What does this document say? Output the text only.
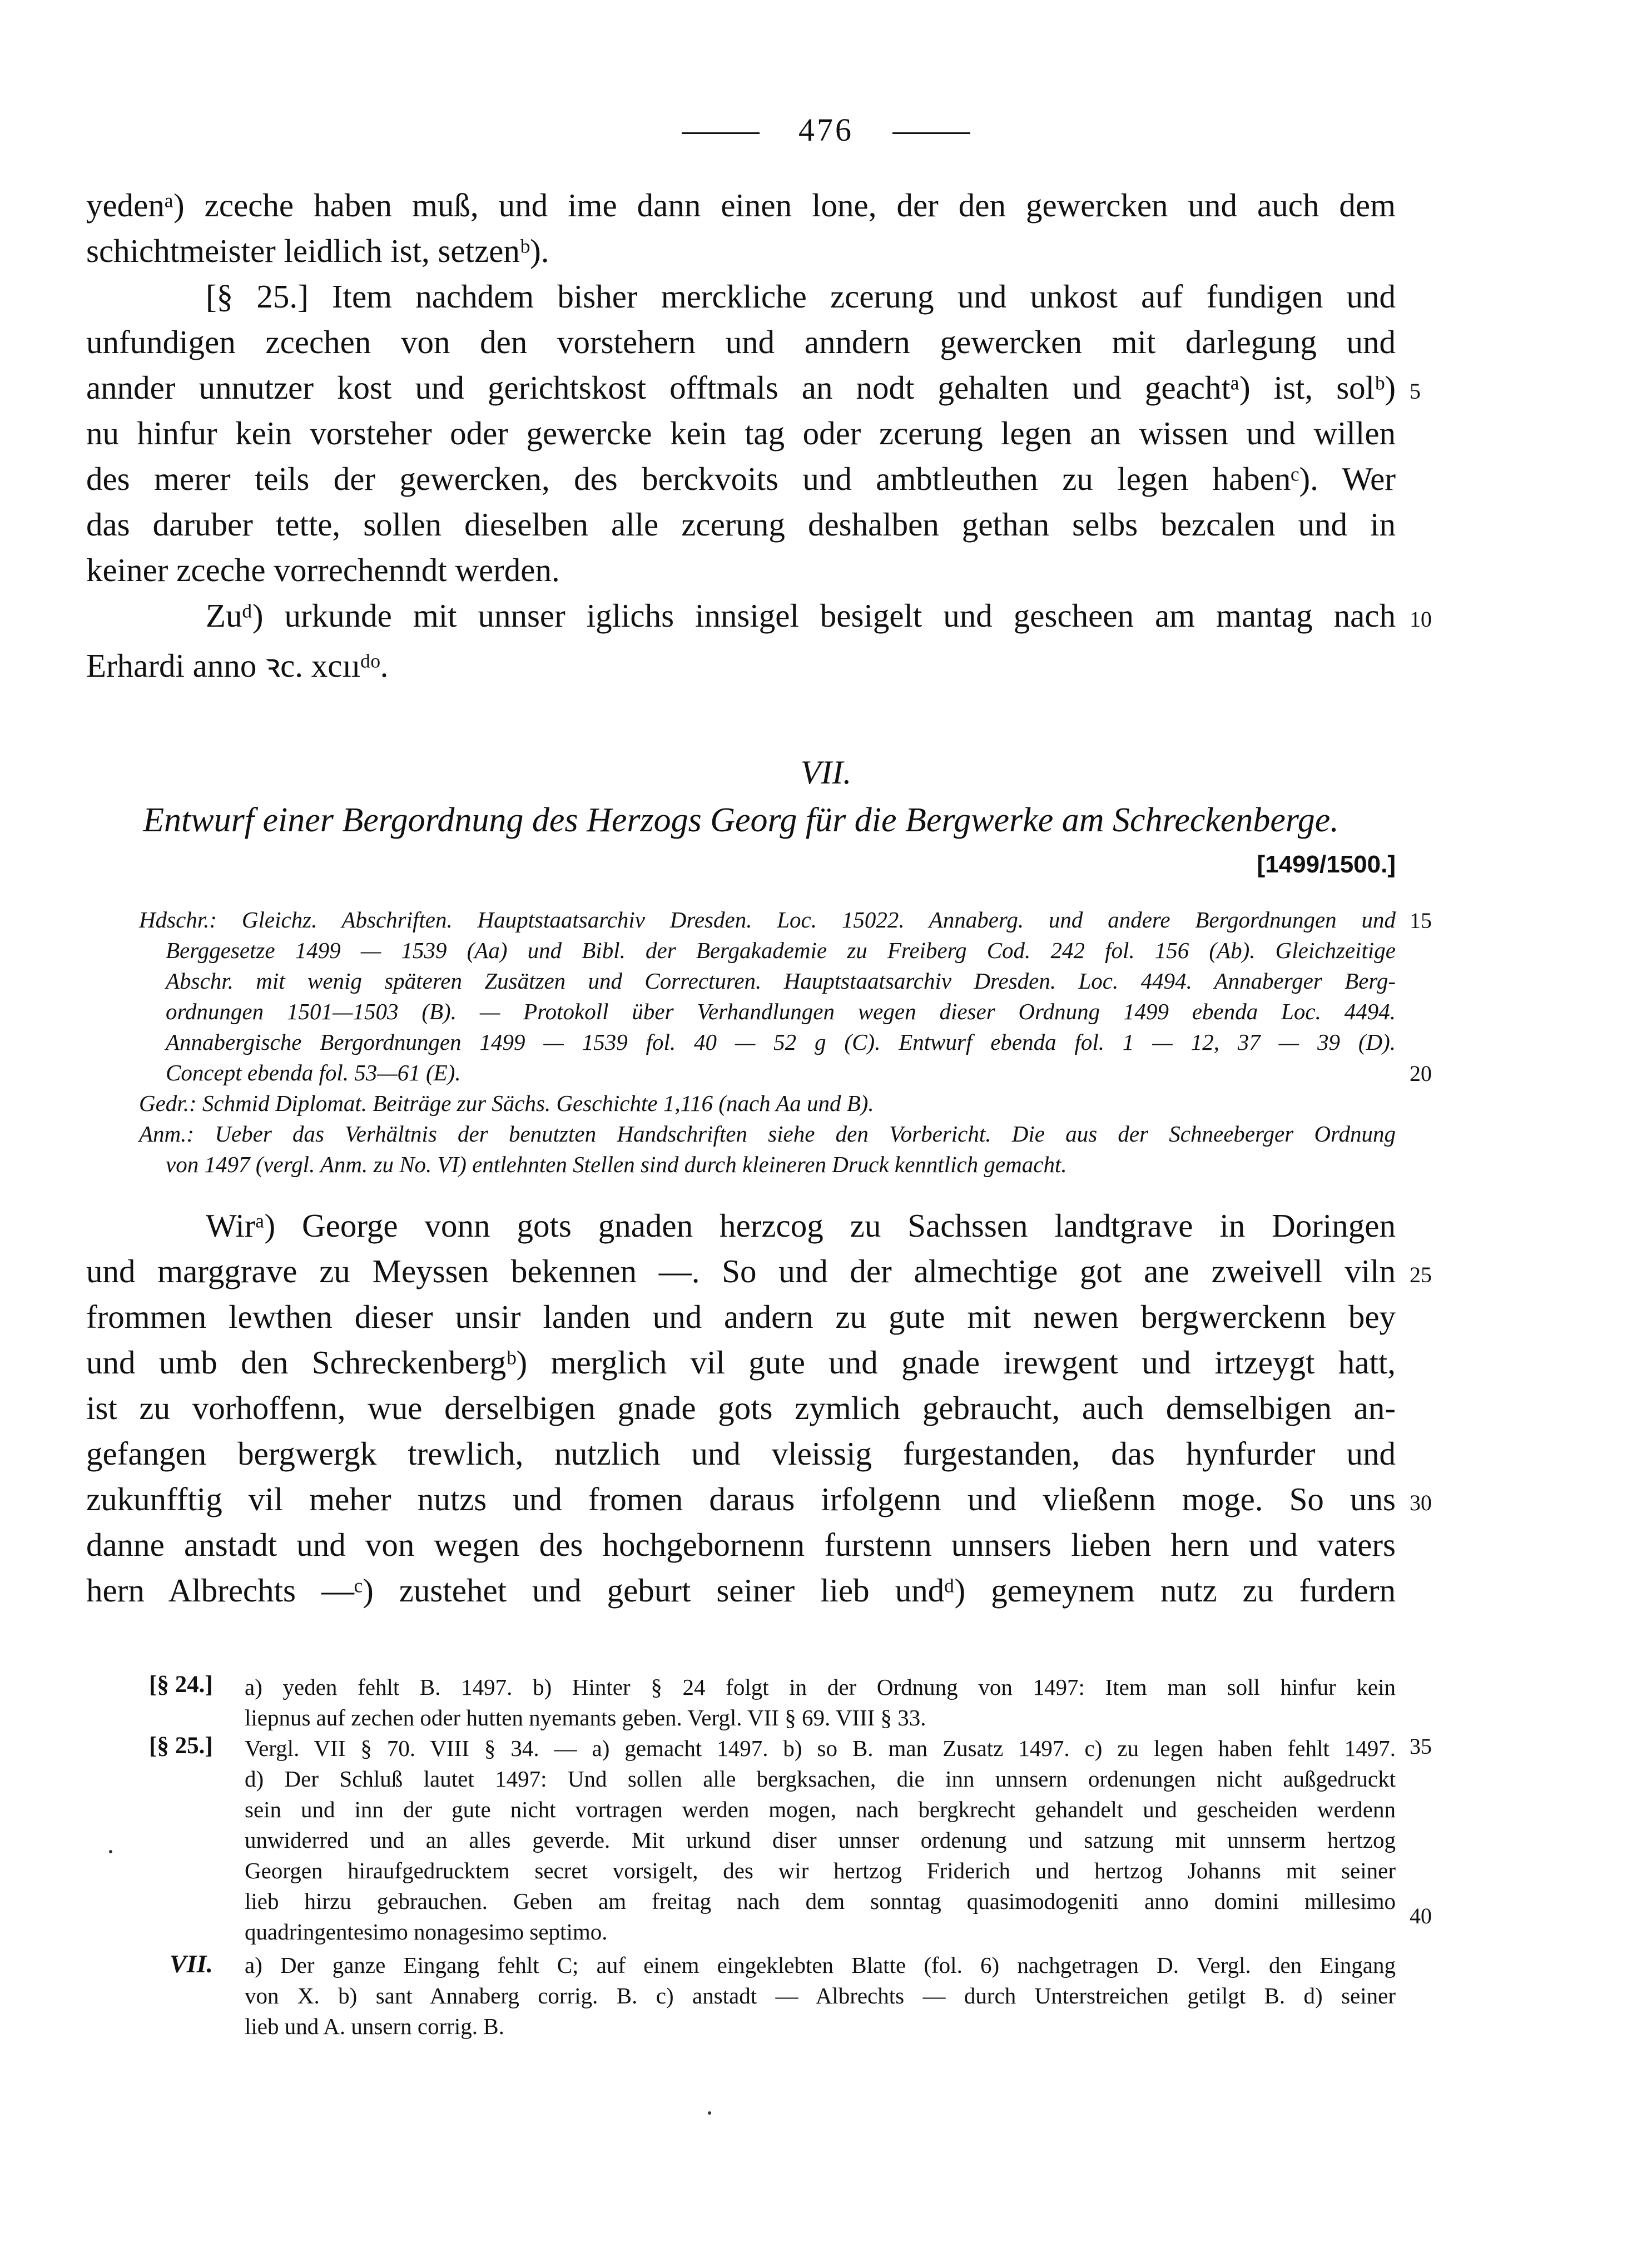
476
yedenᵃ) zceche haben muß, und ime dann einen lone, der den gewercken und auch dem
schichtmeister leidlich ist, setzenᵇ).
[§ 25.] Item nachdem bisher merckliche zcerung und unkost auf fundigen und
unfundigen zcechen von den vorstehern und anndern gewercken mit darlegung und
annder unnutzer kost und gerichtskost offtmals an nodt gehalten und geachtᵃ) ist, solᵇ)
nu hinfur kein vorsteher oder gewercke kein tag oder zcerung legen an wissen und willen
des merer teils der gewercken, des berckvoits und ambtleuthen zu legen habenᶜ). Wer
das daruber tette, sollen dieselben alle zcerung deshalben gethan selbs bezcalen und in
keiner zceche vorrechenndt werden.
Zuᵈ) urkunde mit unnser iglichs innsigel besigelt und gescheen am mantag nach
Erhardi anno ꝛc. xcııᵈᵒ.
VII.
Entwurf einer Bergordnung des Herzogs Georg für die Bergwerke am Schreckenberge.
[1499/1500.]
Hdschr.: Gleichz. Abschriften. Hauptstaatsarchiv Dresden. Loc. 15022. Annaberg. und andere Bergordnungen und
Berggesetze 1499 — 1539 (Aa) und Bibl. der Bergakademie zu Freiberg Cod. 242 fol. 156 (Ab). Gleichzeitige
Abschr. mit wenig späteren Zusätzen und Correcturen. Hauptstaatsarchiv Dresden. Loc. 4494. Annaberger Berg-
ordnungen 1501—1503 (B). — Protokoll über Verhandlungen wegen dieser Ordnung 1499 ebenda Loc. 4494.
Annabergische Bergordnungen 1499 — 1539 fol. 40 — 52 g (C). Entwurf ebenda fol. 1 — 12, 37 — 39 (D).
Concept ebenda fol. 53—61 (E).
Gedr.: Schmid Diplomat. Beiträge zur Sächs. Geschichte 1,116 (nach Aa und B).
Anm.: Ueber das Verhältnis der benutzten Handschriften siehe den Vorbericht. Die aus der Schneeberger Ordnung
von 1497 (vergl. Anm. zu No. VI) entlehnten Stellen sind durch kleineren Druck kenntlich gemacht.
Wirᵃ) George vonn gots gnaden herzcog zu Sachssen landtgrave in Doringen
und marggrave zu Meyssen bekennen —. So und der almechtige got ane zweivell viln
frommen lewthen dieser unsir landen und andern zu gute mit newen bergwerckenn bey
und umb den Schreckenbergᵇ) merglich vil gute und gnade irewgent und irtzeygt hatt,
ist zu vorhoffenn, wue derselbigen gnade gots zymlich gebraucht, auch demselbigen an-
gefangen bergwergk trewlich, nutzlich und vleissig furgestanden, das hynfurder und
zukunfftig vil meher nutzs und fromen daraus irfolgenn und vließenn moge. So uns
danne anstadt und von wegen des hochgebornenn furstenn unnsers lieben hern und vaters
hern Albrechts —ᶜ) zustehet und geburt seiner lieb undᵈ) gemeynem nutz zu furdern
5
10
15
20
25
30
35
40
[§ 24.] a) yeden fehlt B. 1497. b) Hinter § 24 folgt in der Ordnung von 1497: Item man soll hinfur kein
liepnus auf zechen oder hutten nyemants geben. Vergl. VII § 69. VIII § 33.
[§ 25.] Vergl. VII § 70. VIII § 34. — a) gemacht 1497. b) so B. man Zusatz 1497. c) zu legen haben fehlt 1497.
d) Der Schluß lautet 1497: Und sollen alle bergksachen, die inn unnsern ordenungen nicht außgedruckt
sein und inn der gute nicht vortragen werden mogen, nach bergkrecht gehandelt und gescheiden werdenn
unwiderred und an alles geverde. Mit urkund diser unnser ordenung und satzung mit unnserm hertzog
Georgen hiraufgedrucktem secret vorsigelt, des wir hertzog Friderich und hertzog Johanns mit seiner
lieb hirzu gebrauchen. Geben am freitag nach dem sonntag quasimodogeniti anno domini millesimo
quadringentesimo nonagesimo septimo.
VII. a) Der ganze Eingang fehlt C; auf einem eingeklebten Blatte (fol. 6) nachgetragen D. Vergl. den Eingang
von X. b) sant Annaberg corrig. B. c) anstadt — Albrechts — durch Unterstreichen getilgt B. d) seiner
lieb und A. unsern corrig. B.
